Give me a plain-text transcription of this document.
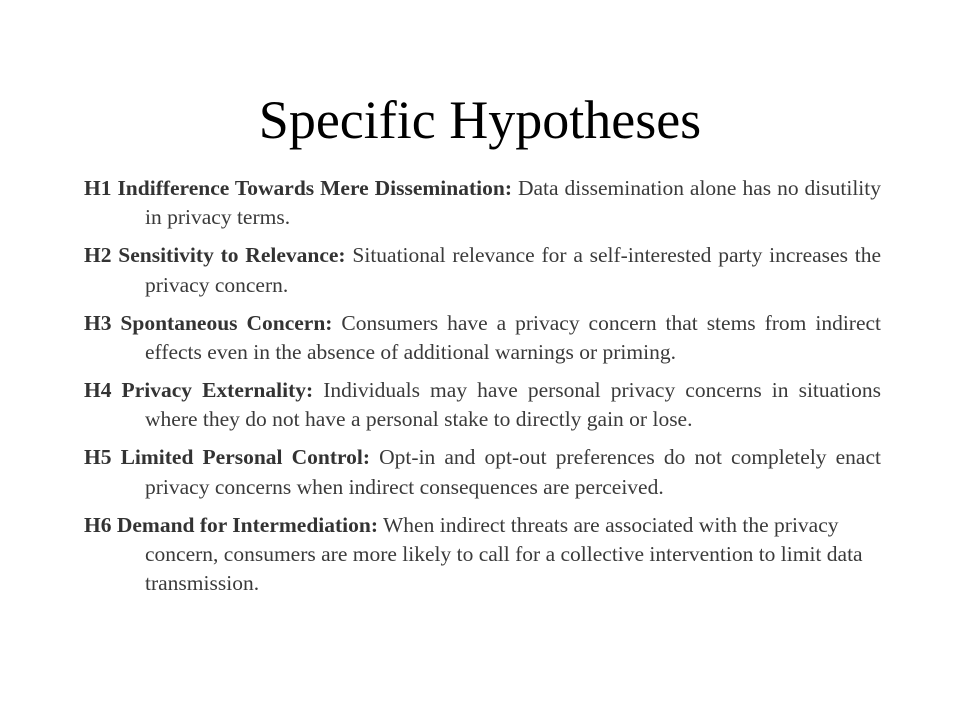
Specific Hypotheses

H1 Indifference Towards Mere Dissemination: Data dissemination alone has no disutility in privacy terms.

H2 Sensitivity to Relevance: Situational relevance for a self-interested party increases the privacy concern.

H3 Spontaneous Concern: Consumers have a privacy concern that stems from indirect effects even in the absence of additional warnings or priming.

H4 Privacy Externality: Individuals may have personal privacy concerns in situations where they do not have a personal stake to directly gain or lose.

H5 Limited Personal Control: Opt-in and opt-out preferences do not completely enact privacy concerns when indirect consequences are perceived.

H6 Demand for Intermediation: When indirect threats are associated with the privacy concern, consumers are more likely to call for a collective intervention to limit data transmission.
